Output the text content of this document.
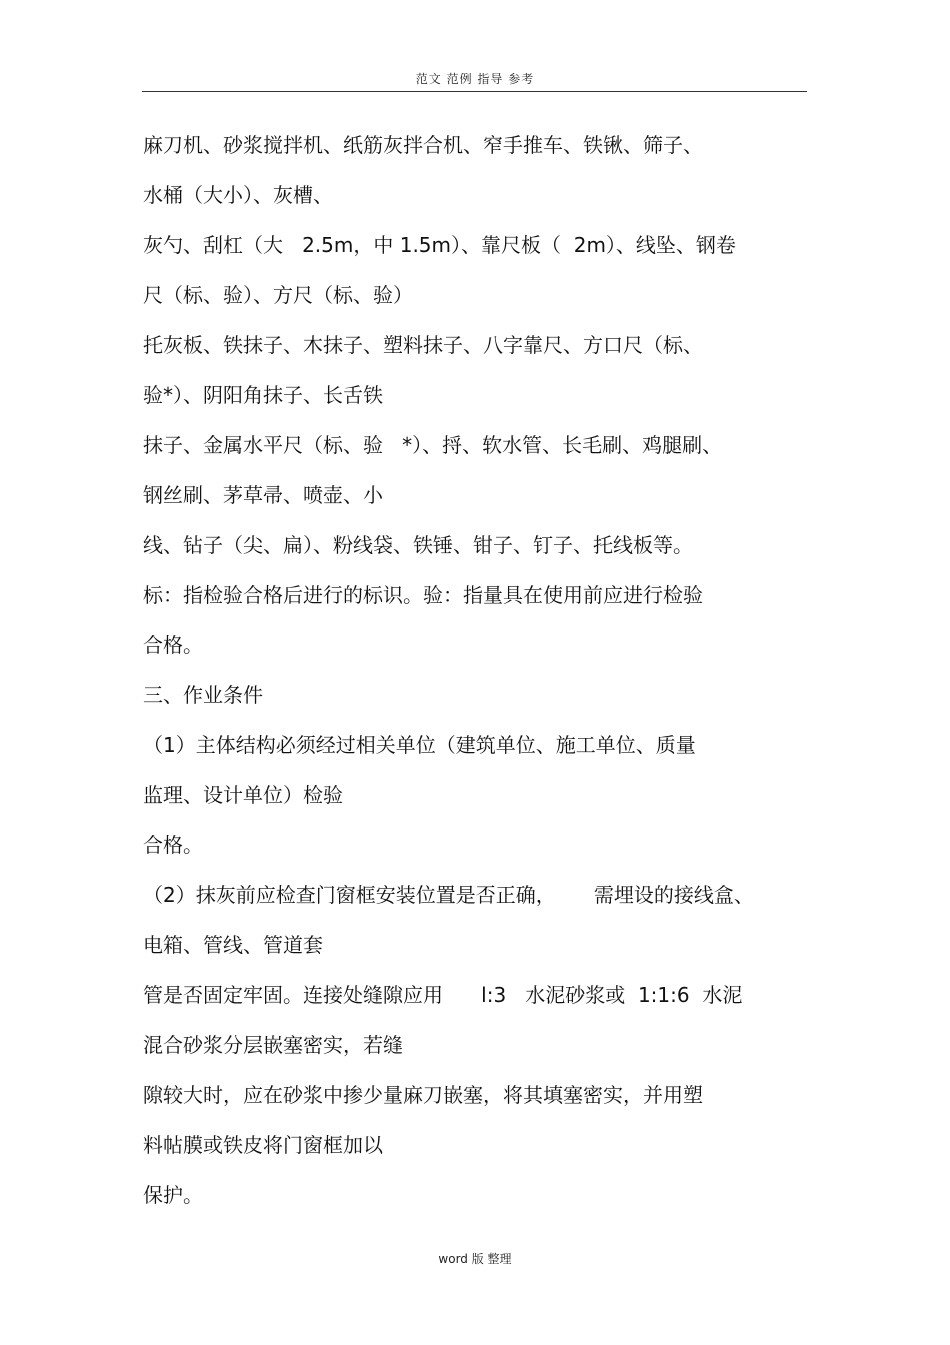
范文 范例 指导 参考
麻刀机、砂浆搅拌机、纸筋灰拌合机、窄手推车、铁锹、筛子、
水桶（大小）、灰槽、
灰勺、刮杠（大   2.5m，中 1.5m）、靠尺板（  2m）、线坠、钢卷
尺（标、验）、方尺（标、验）
托灰板、铁抹子、木抹子、塑料抹子、八字靠尺、方口尺（标、
验*）、阴阳角抹子、长舌铁
抹子、金属水平尺（标、验   *）、捋、软水管、长毛刷、鸡腿刷、
钢丝刷、茅草帚、喷壶、小
线、钻子（尖、扁）、粉线袋、铁锤、钳子、钉子、托线板等。
标：指检验合格后进行的标识。验：指量具在使用前应进行检验
合格。
三、作业条件
（1）主体结构必须经过相关单位（建筑单位、施工单位、质量
监理、设计单位）检验
合格。
（2）抹灰前应检查门窗框安装位置是否正确，      需埋设的接线盒、
电箱、管线、管道套
管是否固定牢固。连接处缝隙应用      l:3   水泥砂浆或  1:1:6  水泥
混合砂浆分层嵌塞密实，若缝
隙较大时，应在砂浆中掺少量麻刀嵌塞，将其填塞密实，并用塑
料帖膜或铁皮将门窗框加以
保护。
word 版 整理
